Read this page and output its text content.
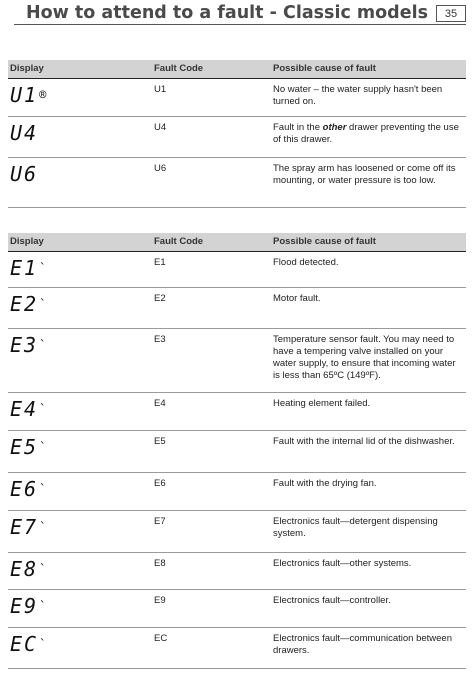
How to attend to a fault - Classic models	35
Display	Fault Code	Possible cause of fault
U1®	U1	No water – the water supply hasn't been turned on.
U4	U4	Fault in the other drawer preventing the use of this drawer.
U6	U6	The spray arm has loosened or come off its mounting, or water pressure is too low.
Display	Fault Code	Possible cause of fault
E1`	E1	Flood detected.
E2`	E2	Motor fault.
E3`	E3	Temperature sensor fault. You may need to have a tempering valve installed on your water supply, to ensure that incoming water is less than 65ºC (149ºF).
E4`	E4	Heating element failed.
E5`	E5	Fault with the internal lid of the dishwasher.
E6`	E6	Fault with the drying fan.
E7`	E7	Electronics fault—detergent dispensing system.
E8`	E8	Electronics fault—other systems.
E9`	E9	Electronics fault—controller.
EC`	EC	Electronics fault—communication between drawers.
